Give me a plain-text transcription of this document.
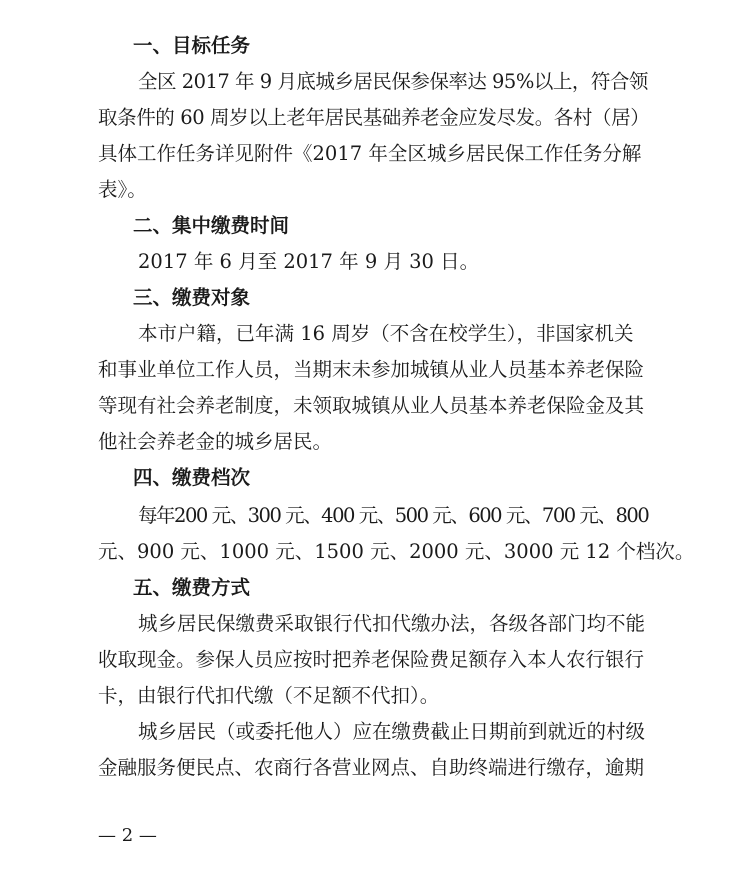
一、目标任务
全区 2017 年 9 月底城乡居民保参保率达 95%以上，符合领
取条件的 60 周岁以上老年居民基础养老金应发尽发。各村（居）
具体工作任务详见附件《2017 年全区城乡居民保工作任务分解
表》。
二、集中缴费时间
2017 年 6 月至 2017 年 9 月 30 日。
三、缴费对象
本市户籍，已年满 16 周岁（不含在校学生），非国家机关
和事业单位工作人员，当期末未参加城镇从业人员基本养老保险
等现有社会养老制度，未领取城镇从业人员基本养老保险金及其
他社会养老金的城乡居民。
四、缴费档次
每年200 元、300 元、400 元、500 元、600 元、700 元、800
元、900 元、1000 元、1500 元、2000 元、3000 元 12 个档次。
五、缴费方式
城乡居民保缴费采取银行代扣代缴办法，各级各部门均不能
收取现金。参保人员应按时把养老保险费足额存入本人农行银行
卡，由银行代扣代缴（不足额不代扣）。
城乡居民（或委托他人）应在缴费截止日期前到就近的村级
金融服务便民点、农商行各营业网点、自助终端进行缴存，逾期
— 2 —
